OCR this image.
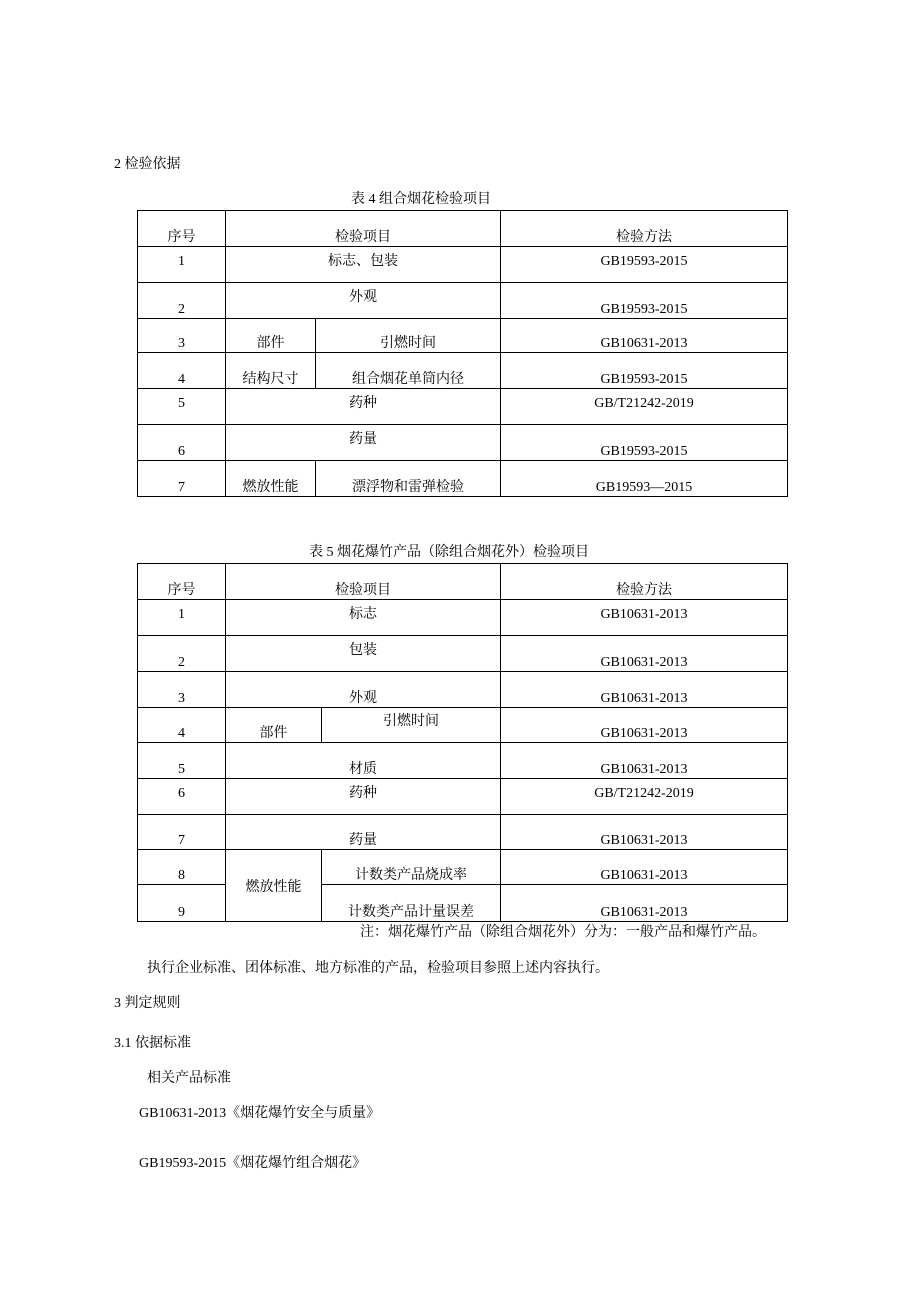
2 检验依据
表 4 组合烟花检验项目
序号	检验项目		检验方法
1	标志、包装		GB19593-2015
2	外观		GB19593-2015
3	部件	引燃时间	GB10631-2013
4	结构尺寸	组合烟花单筒内径	GB19593-2015
5	药种		GB/T21242-2019
6	药量		GB19593-2015
7	燃放性能	漂浮物和雷弹检验	GB19593—2015
表 5 烟花爆竹产品（除组合烟花外）检验项目
序号	检验项目		检验方法
1	标志		GB10631-2013
2	包装		GB10631-2013
3	外观		GB10631-2013
4	部件	引燃时间	GB10631-2013
5	材质		GB10631-2013
6	药种		GB/T21242-2019
7	药量		GB10631-2013
8	燃放性能	计数类产品烧成率	GB10631-2013
9		计数类产品计量误差	GB10631-2013
注：烟花爆竹产品（除组合烟花外）分为：一般产品和爆竹产品。
执行企业标准、团体标准、地方标准的产品，检验项目参照上述内容执行。
3 判定规则
3.1 依据标准
相关产品标准
GB10631-2013《烟花爆竹安全与质量》
GB19593-2015《烟花爆竹组合烟花》
